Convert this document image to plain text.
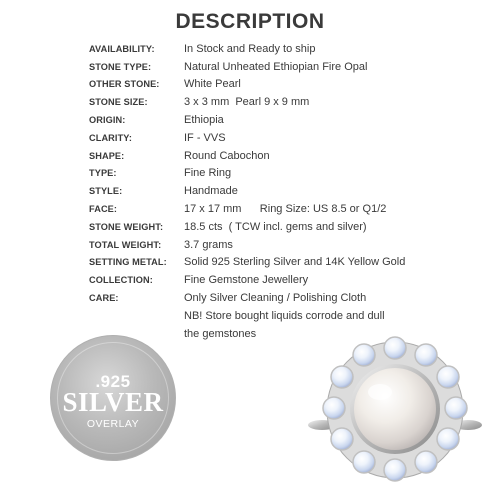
DESCRIPTION
AVAILABILITY:	In Stock and Ready to ship
STONE TYPE:	Natural Unheated Ethiopian Fire Opal
OTHER STONE:	White Pearl
STONE SIZE:	3 x 3 mm  Pearl 9 x 9 mm
ORIGIN:	Ethiopia
CLARITY:	IF - VVS
SHAPE:	Round Cabochon
TYPE:	Fine Ring
STYLE:	Handmade
FACE:	17 x 17 mm      Ring Size: US 8.5 or Q1/2
STONE WEIGHT:	18.5 cts  ( TCW incl. gems and silver)
TOTAL WEIGHT:	3.7 grams
SETTING METAL:	Solid 925 Sterling Silver and 14K Yellow Gold
COLLECTION:	Fine Gemstone Jewellery
CARE:	Only Silver Cleaning / Polishing Cloth
NB! Store bought liquids corrode and dull
the gemstones
.925
SILVER
OVERLAY
